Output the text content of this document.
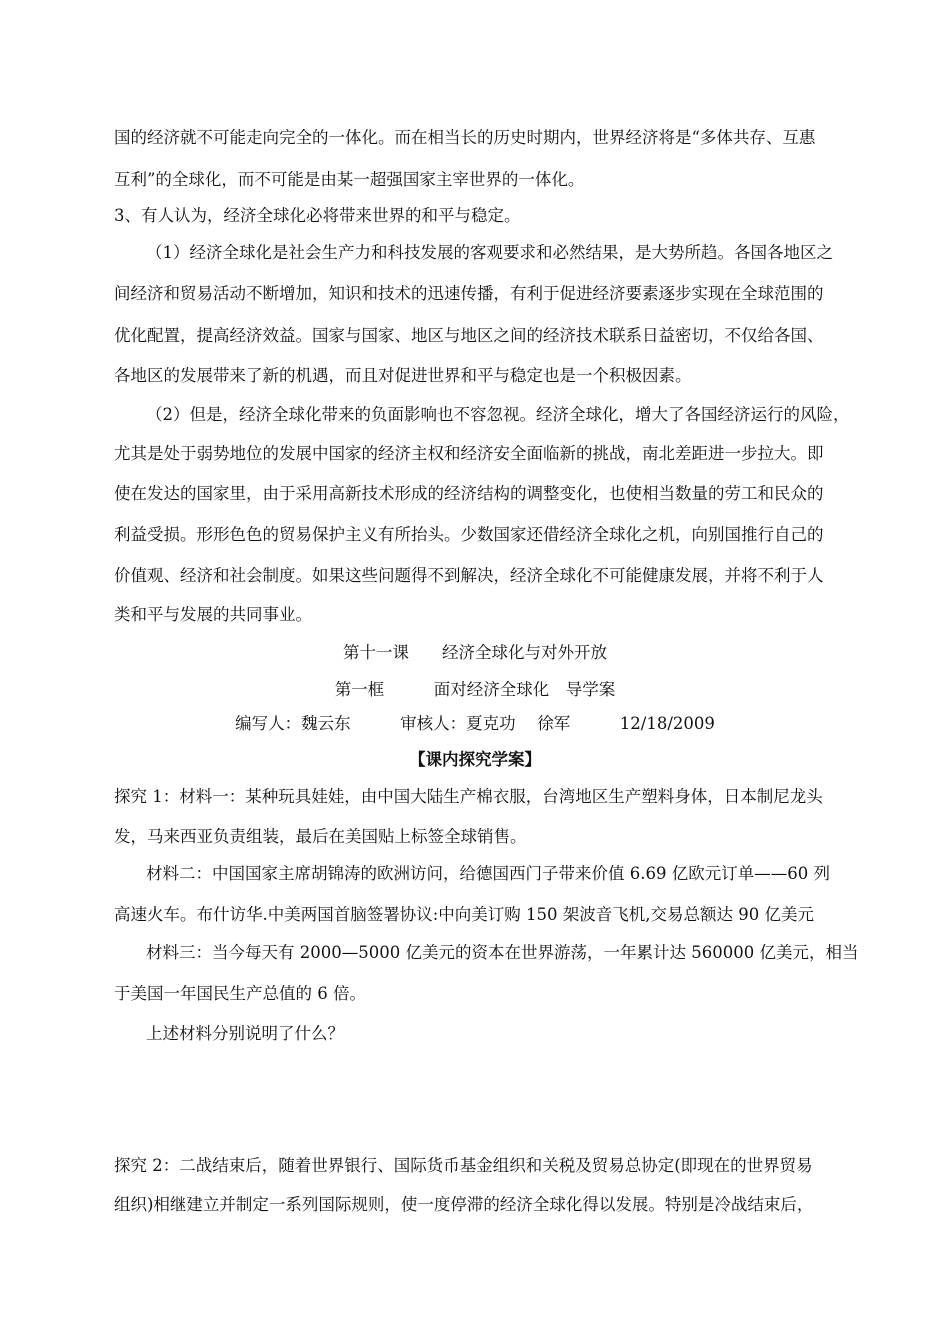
国的经济就不可能走向完全的一体化。而在相当长的历史时期内，世界经济将是“多体共存、互惠
互利”的全球化，而不可能是由某一超强国家主宰世界的一体化。
3、有人认为，经济全球化必将带来世界的和平与稳定。
（1）经济全球化是社会生产力和科技发展的客观要求和必然结果，是大势所趋。各国各地区之
间经济和贸易活动不断增加，知识和技术的迅速传播，有利于促进经济要素逐步实现在全球范围的
优化配置，提高经济效益。国家与国家、地区与地区之间的经济技术联系日益密切，不仅给各国、
各地区的发展带来了新的机遇，而且对促进世界和平与稳定也是一个积极因素。
（2）但是，经济全球化带来的负面影响也不容忽视。经济全球化，增大了各国经济运行的风险，
尤其是处于弱势地位的发展中国家的经济主权和经济安全面临新的挑战，南北差距进一步拉大。即
使在发达的国家里，由于采用高新技术形成的经济结构的调整变化，也使相当数量的劳工和民众的
利益受损。形形色色的贸易保护主义有所抬头。少数国家还借经济全球化之机，向别国推行自己的
价值观、经济和社会制度。如果这些问题得不到解决，经济全球化不可能健康发展，并将不利于人
类和平与发展的共同事业。
第十一课　　经济全球化与对外开放
第一框　　　面对经济全球化　导学案
编写人：魏云东　　　审核人：夏克功　 徐军　　　12/18/2009
【课内探究学案】
探究 1：材料一：某种玩具娃娃，由中国大陆生产棉衣服，台湾地区生产塑料身体，日本制尼龙头
发，马来西亚负责组装，最后在美国贴上标签全球销售。
材料二：中国国家主席胡锦涛的欧洲访问，给德国西门子带来价值 6.69 亿欧元订单——60 列
高速火车。布什访华.中美两国首脑签署协议:中向美订购 150 架波音飞机,交易总额达 90 亿美元
材料三：当今每天有 2000—5000 亿美元的资本在世界游荡，一年累计达 560000 亿美元，相当
于美国一年国民生产总值的 6 倍。
上述材料分别说明了什么？
探究 2：二战结束后，随着世界银行、国际货币基金组织和关税及贸易总协定(即现在的世界贸易
组织)相继建立并制定一系列国际规则，使一度停滞的经济全球化得以发展。特别是冷战结束后，
